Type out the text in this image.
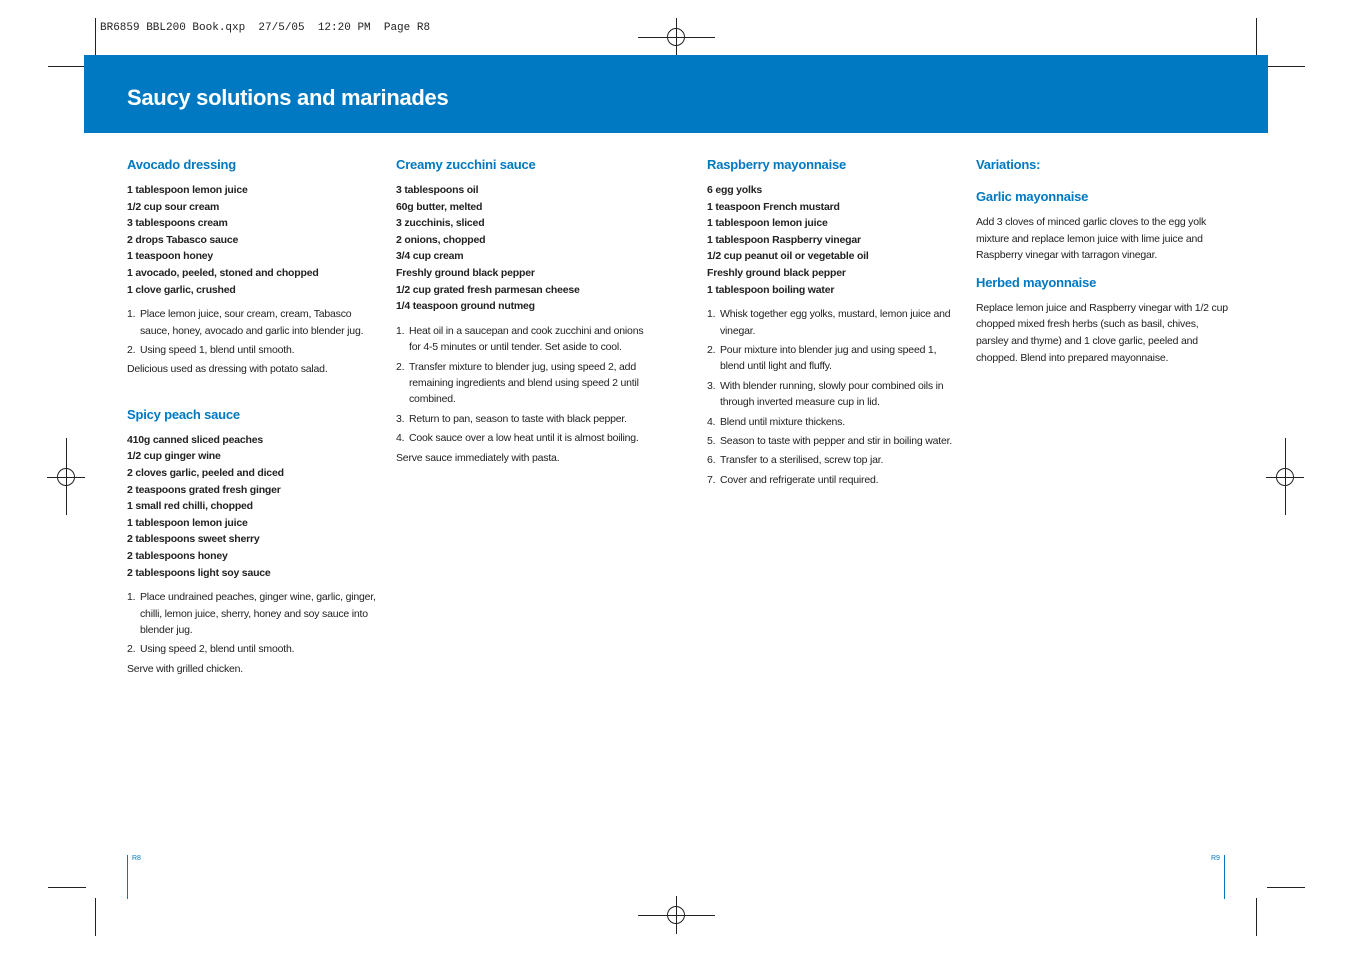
BR6859 BBL200 Book.qxp  27/5/05  12:20 PM  Page R8
Saucy solutions and marinades
Avocado dressing
1 tablespoon lemon juice
1/2 cup sour cream
3 tablespoons cream
2 drops Tabasco sauce
1 teaspoon honey
1 avocado, peeled, stoned and chopped
1 clove garlic, crushed
1. Place lemon juice, sour cream, cream, Tabasco sauce, honey, avocado and garlic into blender jug.
2. Using speed 1, blend until smooth.

Delicious used as dressing with potato salad.

Spicy peach sauce
410g canned sliced peaches
1/2 cup ginger wine
2 cloves garlic, peeled and diced
2 teaspoons grated fresh ginger
1 small red chilli, chopped
1 tablespoon lemon juice
2 tablespoons sweet sherry
2 tablespoons honey
2 tablespoons light soy sauce
1. Place undrained peaches, ginger wine, garlic, ginger, chilli, lemon juice, sherry, honey and soy sauce into blender jug.
2. Using speed 2, blend until smooth.

Serve with grilled chicken.

Creamy zucchini sauce
3 tablespoons oil
60g butter, melted
3 zucchinis, sliced
2 onions, chopped
3/4 cup cream
Freshly ground black pepper
1/2 cup grated fresh parmesan cheese
1/4 teaspoon ground nutmeg
1. Heat oil in a saucepan and cook zucchini and onions for 4-5 minutes or until tender. Set aside to cool.
2. Transfer mixture to blender jug, using speed 2, add remaining ingredients and blend using speed 2 until combined.
3. Return to pan, season to taste with black pepper.
4. Cook sauce over a low heat until it is almost boiling.

Serve sauce immediately with pasta.

Raspberry mayonnaise
6 egg yolks
1 teaspoon French mustard
1 tablespoon lemon juice
1 tablespoon Raspberry vinegar
1/2 cup peanut oil or vegetable oil
Freshly ground black pepper
1 tablespoon boiling water
1. Whisk together egg yolks, mustard, lemon juice and vinegar.
2. Pour mixture into blender jug and using speed 1, blend until light and fluffy.
3. With blender running, slowly pour combined oils in through inverted measure cup in lid.
4. Blend until mixture thickens.
5. Season to taste with pepper and stir in boiling water.
6. Transfer to a sterilised, screw top jar.
7. Cover and refrigerate until required.
Variations:
Garlic mayonnaise

Add 3 cloves of minced garlic cloves to the egg yolk mixture and replace lemon juice with lime juice and Raspberry vinegar with tarragon vinegar.

Herbed mayonnaise

Replace lemon juice and Raspberry vinegar with 1/2 cup chopped mixed fresh herbs (such as basil, chives, parsley and thyme) and 1 clove garlic, peeled and chopped. Blend into prepared mayonnaise.

R8	R9
